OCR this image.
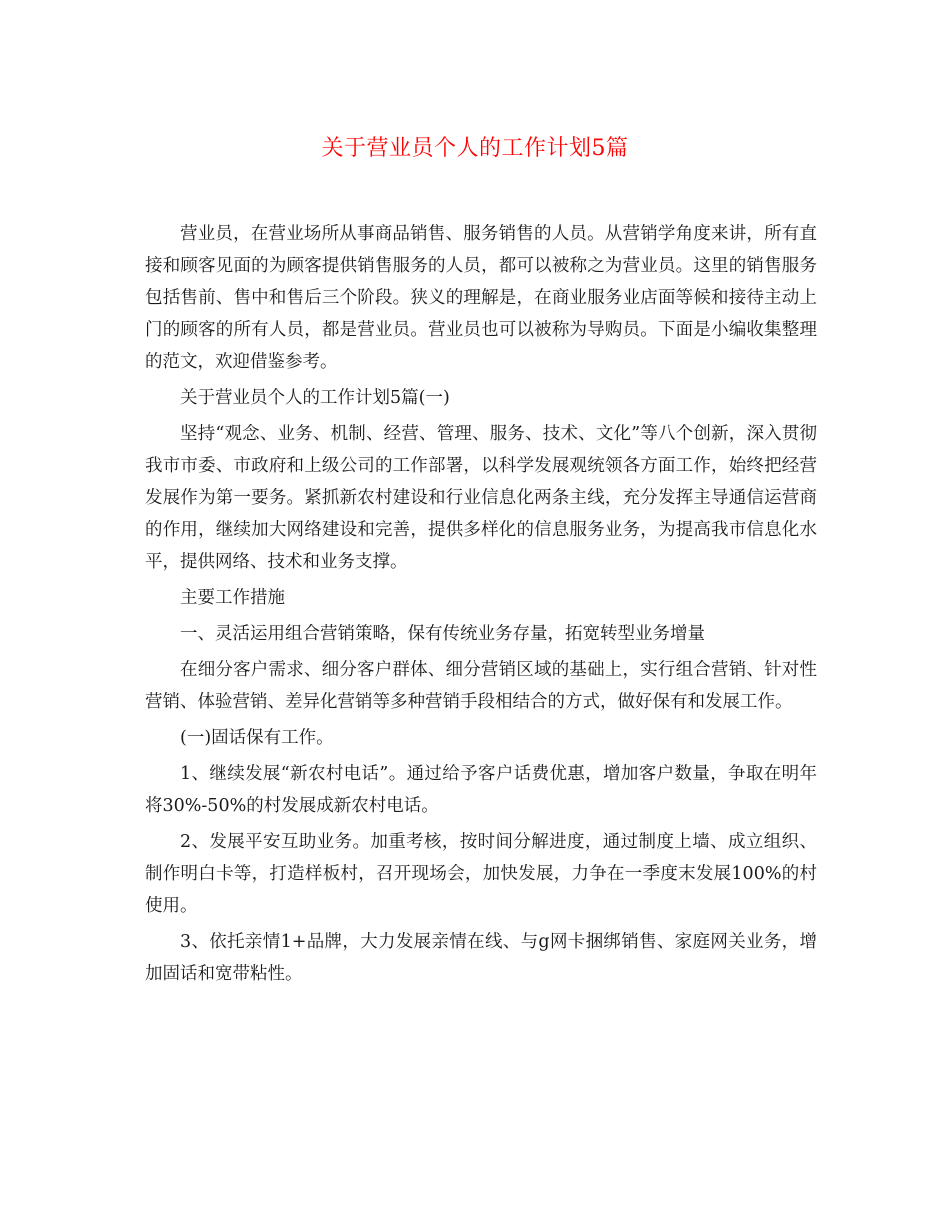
关于营业员个人的工作计划5篇

营业员，在营业场所从事商品销售、服务销售的人员。从营销学角度来讲，所有直接和顾客见面的为顾客提供销售服务的人员，都可以被称之为营业员。这里的销售服务包括售前、售中和售后三个阶段。狭义的理解是，在商业服务业店面等候和接待主动上门的顾客的所有人员，都是营业员。营业员也可以被称为导购员。下面是小编收集整理的范文，欢迎借鉴参考。

关于营业员个人的工作计划5篇(一)

坚持“观念、业务、机制、经营、管理、服务、技术、文化”等八个创新，深入贯彻我市市委、市政府和上级公司的工作部署，以科学发展观统领各方面工作，始终把经营发展作为第一要务。紧抓新农村建设和行业信息化两条主线，充分发挥主导通信运营商的作用，继续加大网络建设和完善，提供多样化的信息服务业务，为提高我市信息化水平，提供网络、技术和业务支撑。

主要工作措施

一、灵活运用组合营销策略，保有传统业务存量，拓宽转型业务增量

在细分客户需求、细分客户群体、细分营销区域的基础上，实行组合营销、针对性营销、体验营销、差异化营销等多种营销手段相结合的方式，做好保有和发展工作。

(一)固话保有工作。

1、继续发展“新农村电话”。通过给予客户话费优惠，增加客户数量，争取在明年将30%-50%的村发展成新农村电话。

2、发展平安互助业务。加重考核，按时间分解进度，通过制度上墙、成立组织、制作明白卡等，打造样板村，召开现场会，加快发展，力争在一季度末发展100%的村使用。

3、依托亲情1+品牌，大力发展亲情在线、与g网卡捆绑销售、家庭网关业务，增加固话和宽带粘性。
